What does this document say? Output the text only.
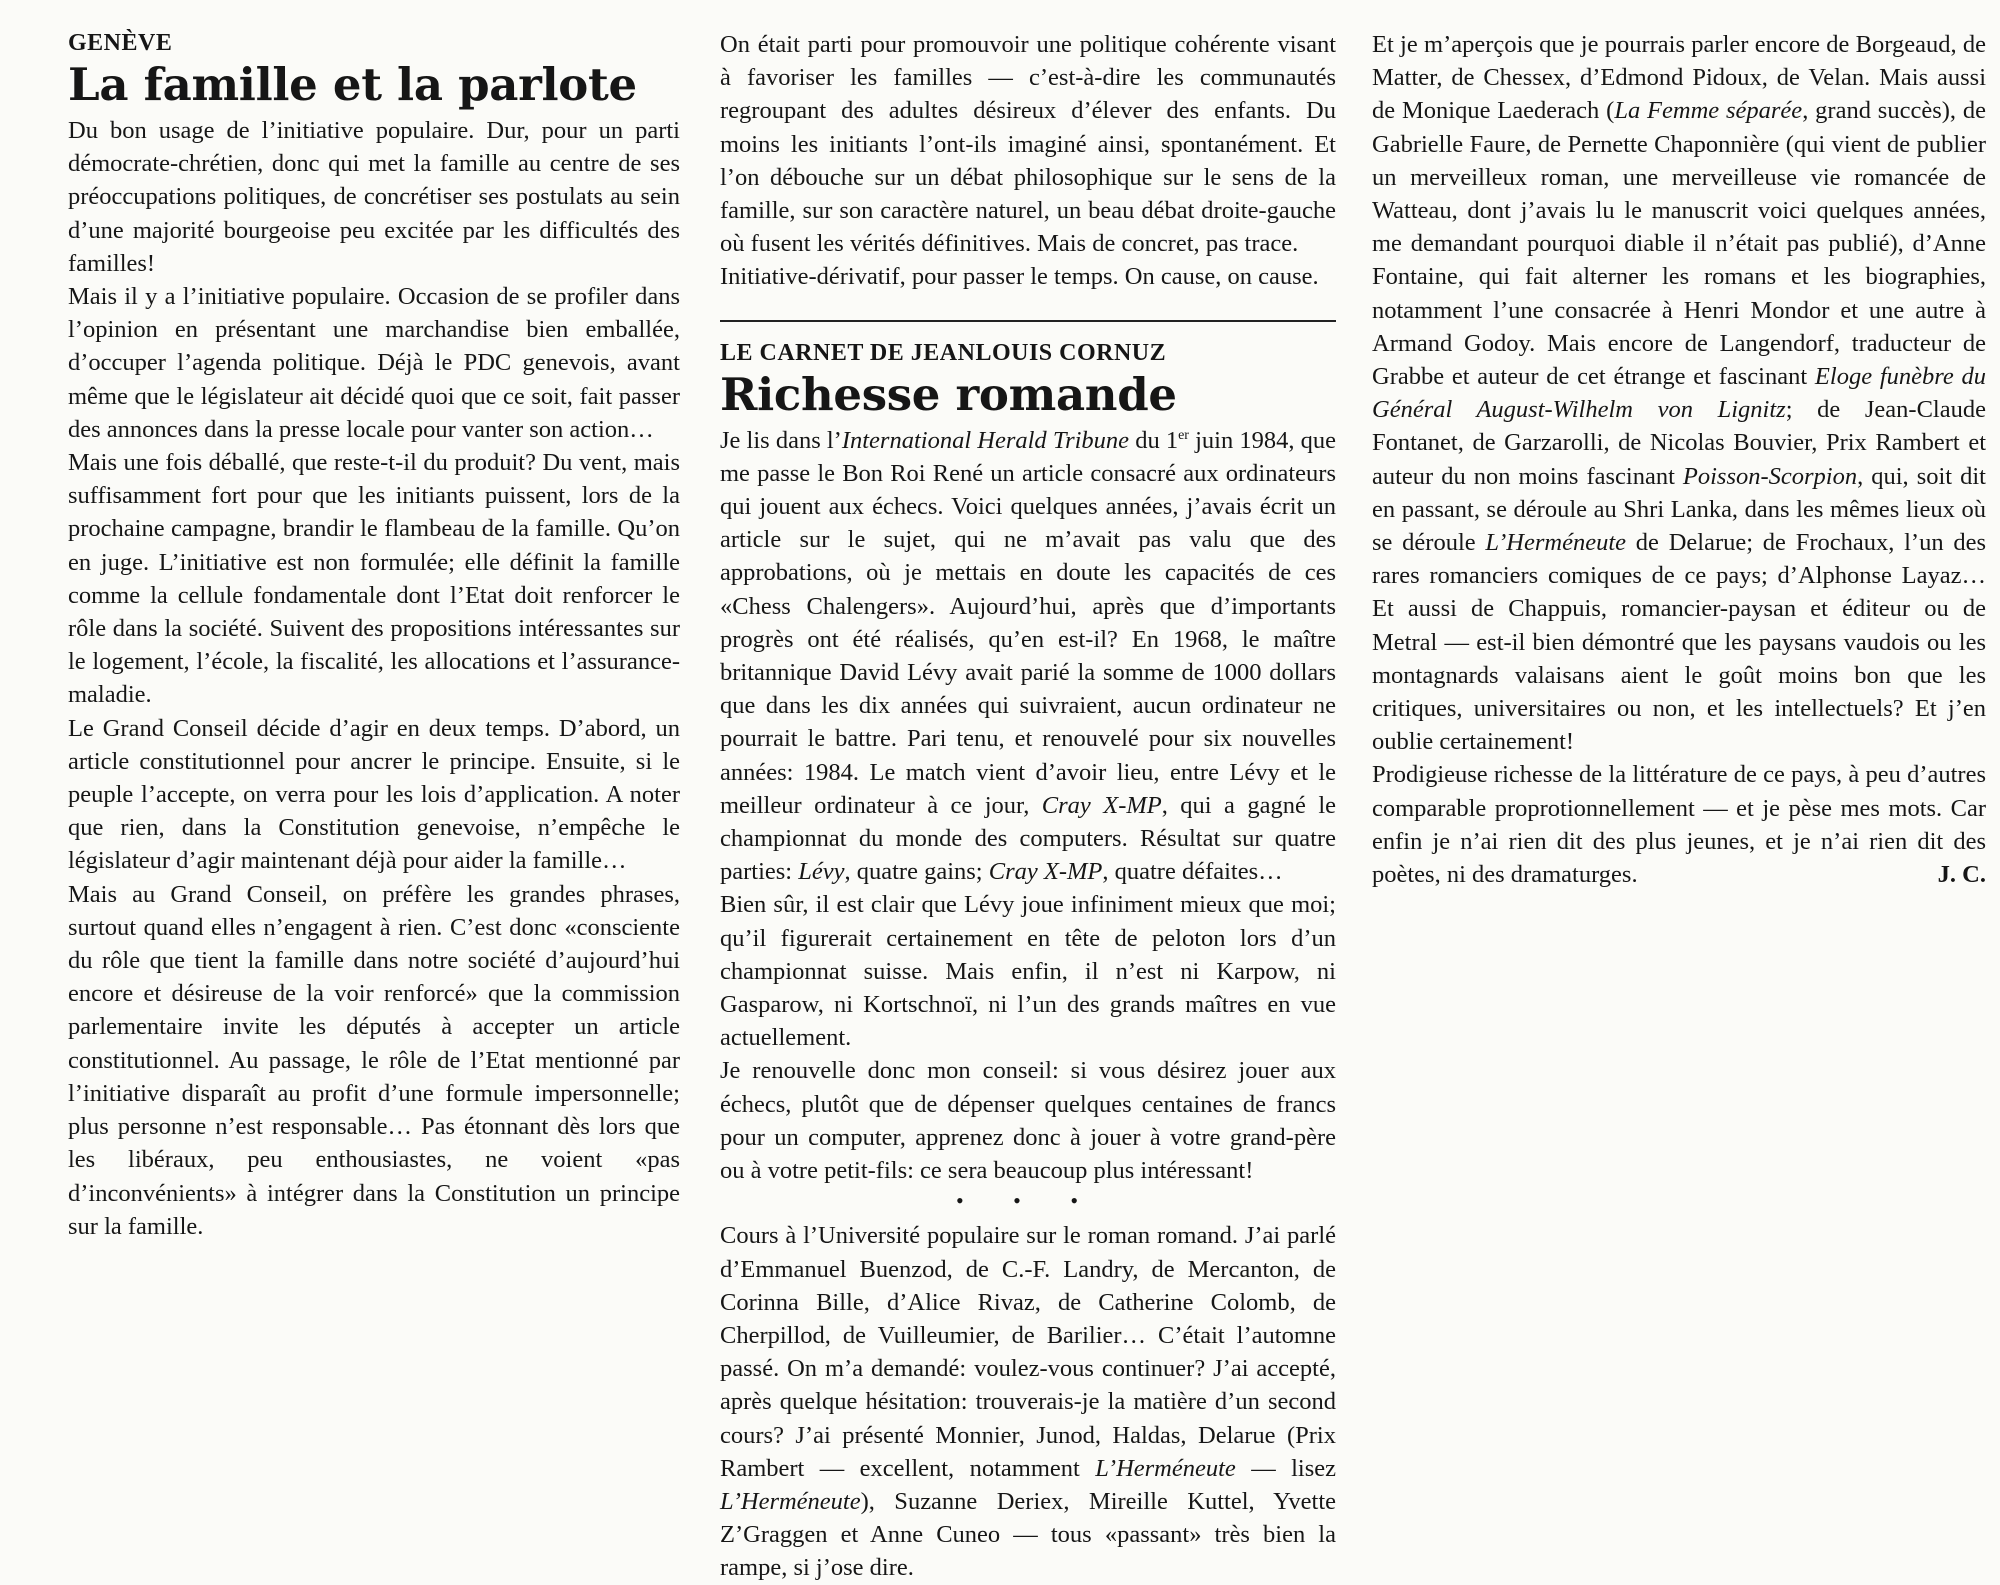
GENÈVE

La famille et la parlote

Du bon usage de l’initiative populaire. Dur, pour un parti démocrate-chrétien, donc qui met la famille au centre de ses préoccupations politiques, de concrétiser ses postulats au sein d’une majorité bourgeoise peu excitée par les difficultés des familles!

Mais il y a l’initiative populaire. Occasion de se profiler dans l’opinion en présentant une marchandise bien emballée, d’occuper l’agenda politique. Déjà le PDC genevois, avant même que le législateur ait décidé quoi que ce soit, fait passer des annonces dans la presse locale pour vanter son action…

Mais une fois déballé, que reste-t-il du produit? Du vent, mais suffisamment fort pour que les initiants puissent, lors de la prochaine campagne, brandir le flambeau de la famille. Qu’on en juge. L’initiative est non formulée; elle définit la famille comme la cellule fondamentale dont l’Etat doit renforcer le rôle dans la société. Suivent des propositions intéressantes sur le logement, l’école, la fiscalité, les allocations et l’assurance-maladie.

Le Grand Conseil décide d’agir en deux temps. D’abord, un article constitutionnel pour ancrer le principe. Ensuite, si le peuple l’accepte, on verra pour les lois d’application. A noter que rien, dans la Constitution genevoise, n’empêche le législateur d’agir maintenant déjà pour aider la famille…

Mais au Grand Conseil, on préfère les grandes phrases, surtout quand elles n’engagent à rien. C’est donc «consciente du rôle que tient la famille dans notre société d’aujourd’hui encore et désireuse de la voir renforcé» que la commission parlementaire invite les députés à accepter un article constitutionnel. Au passage, le rôle de l’Etat mentionné par l’initiative disparaît au profit d’une formule impersonnelle; plus personne n’est responsable… Pas étonnant dès lors que les libéraux, peu enthousiastes, ne voient «pas d’inconvénients» à intégrer dans la Constitution un principe sur la famille.

On était parti pour promouvoir une politique cohérente visant à favoriser les familles — c’est-à-dire les communautés regroupant des adultes désireux d’élever des enfants. Du moins les initiants l’ont-ils imaginé ainsi, spontanément. Et l’on débouche sur un débat philosophique sur le sens de la famille, sur son caractère naturel, un beau débat droite-gauche où fusent les vérités définitives. Mais de concret, pas trace.

Initiative-dérivatif, pour passer le temps. On cause, on cause.

LE CARNET DE JEANLOUIS CORNUZ

Richesse romande

Je lis dans l’International Herald Tribune du 1er juin 1984, que me passe le Bon Roi René un article consacré aux ordinateurs qui jouent aux échecs. Voici quelques années, j’avais écrit un article sur le sujet, qui ne m’avait pas valu que des approbations, où je mettais en doute les capacités de ces «Chess Chalengers». Aujourd’hui, après que d’importants progrès ont été réalisés, qu’en est-il? En 1968, le maître britannique David Lévy avait parié la somme de 1000 dollars que dans les dix années qui suivraient, aucun ordinateur ne pourrait le battre. Pari tenu, et renouvelé pour six nouvelles années: 1984. Le match vient d’avoir lieu, entre Lévy et le meilleur ordinateur à ce jour, Cray X-MP, qui a gagné le championnat du monde des computers. Résultat sur quatre parties: Lévy, quatre gains; Cray X-MP, quatre défaites…

Bien sûr, il est clair que Lévy joue infiniment mieux que moi; qu’il figurerait certainement en tête de peloton lors d’un championnat suisse. Mais enfin, il n’est ni Karpow, ni Gasparow, ni Kortschnoï, ni l’un des grands maîtres en vue actuellement.

Je renouvelle donc mon conseil: si vous désirez jouer aux échecs, plutôt que de dépenser quelques centaines de francs pour un computer, apprenez donc à jouer à votre grand-père ou à votre petit-fils: ce sera beaucoup plus intéressant!

• • •

Cours à l’Université populaire sur le roman romand. J’ai parlé d’Emmanuel Buenzod, de C.-F. Landry, de Mercanton, de Corinna Bille, d’Alice Rivaz, de Catherine Colomb, de Cherpillod, de Vuilleumier, de Barilier… C’était l’automne passé. On m’a demandé: voulez-vous continuer? J’ai accepté, après quelque hésitation: trouverais-je la matière d’un second cours? J’ai présenté Monnier, Junod, Haldas, Delarue (Prix Rambert — excellent, notamment L’Herméneute — lisez L’Herméneute), Suzanne Deriex, Mireille Kuttel, Yvette Z’Graggen et Anne Cuneo — tous «passant» très bien la rampe, si j’ose dire.

Et je m’aperçois que je pourrais parler encore de Borgeaud, de Matter, de Chessex, d’Edmond Pidoux, de Velan. Mais aussi de Monique Laederach (La Femme séparée, grand succès), de Gabrielle Faure, de Pernette Chaponnière (qui vient de publier un merveilleux roman, une merveilleuse vie romancée de Watteau, dont j’avais lu le manuscrit voici quelques années, me demandant pourquoi diable il n’était pas publié), d’Anne Fontaine, qui fait alterner les romans et les biographies, notamment l’une consacrée à Henri Mondor et une autre à Armand Godoy. Mais encore de Langendorf, traducteur de Grabbe et auteur de cet étrange et fascinant Eloge funèbre du Général August-Wilhelm von Lignitz; de Jean-Claude Fontanet, de Garzarolli, de Nicolas Bouvier, Prix Rambert et auteur du non moins fascinant Poisson-Scorpion, qui, soit dit en passant, se déroule au Shri Lanka, dans les mêmes lieux où se déroule L’Herméneute de Delarue; de Frochaux, l’un des rares romanciers comiques de ce pays; d’Alphonse Layaz… Et aussi de Chappuis, romancier-paysan et éditeur ou de Metral — est-il bien démontré que les paysans vaudois ou les montagnards valaisans aient le goût moins bon que les critiques, universitaires ou non, et les intellectuels? Et j’en oublie certainement!

Prodigieuse richesse de la littérature de ce pays, à peu d’autres comparable proprotionnellement — et je pèse mes mots. Car enfin je n’ai rien dit des plus jeunes, et je n’ai rien dit des poètes, ni des dramaturges.	J. C.
